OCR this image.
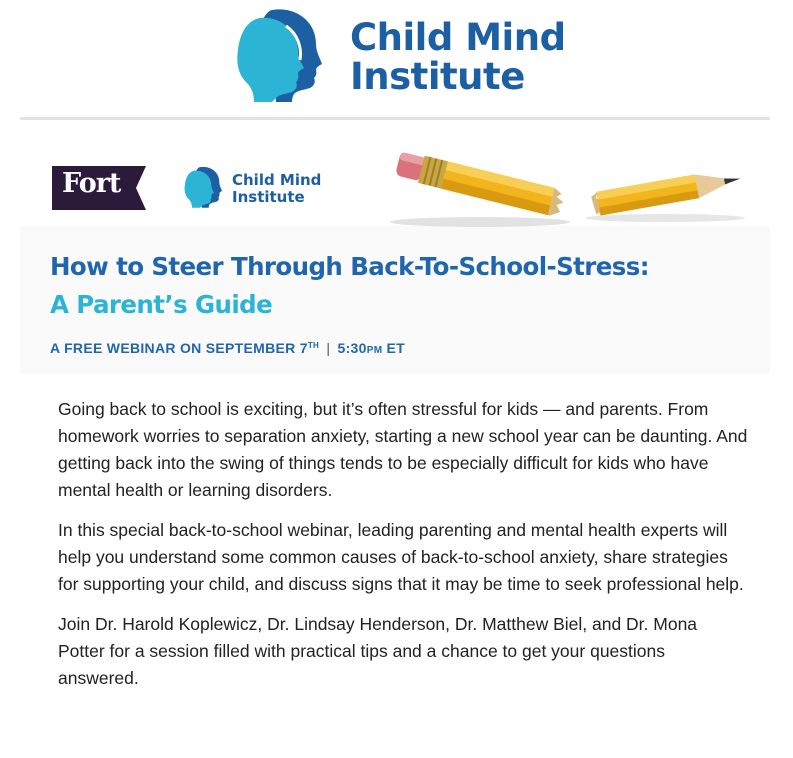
Child Mind
Institute
Fort	Child Mind
Institute
How to Steer Through Back-To-School-Stress:
A Parent’s Guide
A FREE WEBINAR ON SEPTEMBER 7TH | 5:30PM ET

Going back to school is exciting, but it’s often stressful for kids — and parents. From homework worries to separation anxiety, starting a new school year can be daunting. And getting back into the swing of things tends to be especially difficult for kids who have mental health or learning disorders.

In this special back-to-school webinar, leading parenting and mental health experts will help you understand some common causes of back-to-school anxiety, share strategies for supporting your child, and discuss signs that it may be time to seek professional help.

Join Dr. Harold Koplewicz, Dr. Lindsay Henderson, Dr. Matthew Biel, and Dr. Mona Potter for a session filled with practical tips and a chance to get your questions answered.
